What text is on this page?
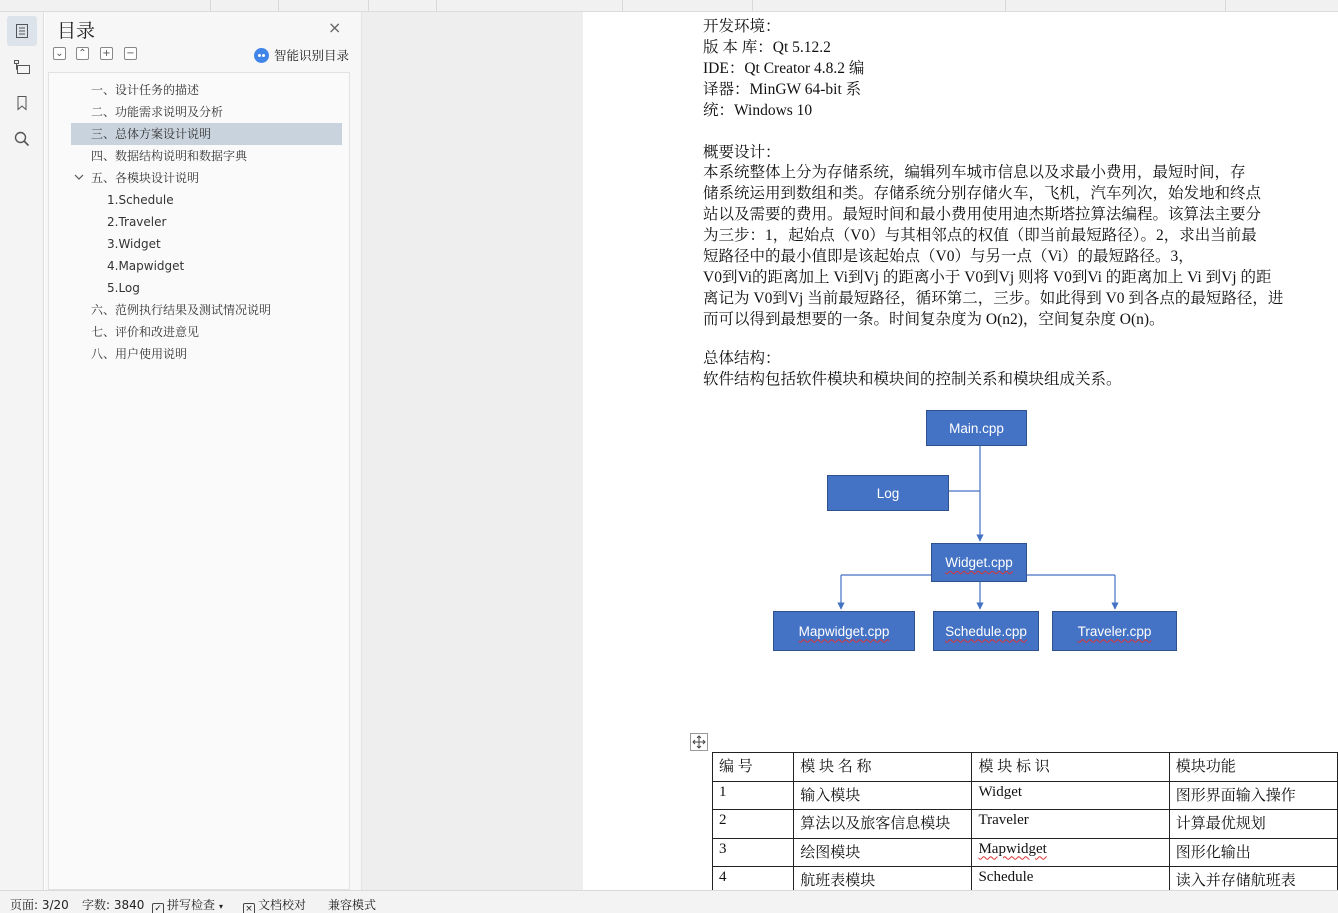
目录	×
⌄ ⌃ + −	智能识别目录
一、设计任务的描述
二、功能需求说明及分析
三、总体方案设计说明
四、数据结构说明和数据字典
五、各模块设计说明
1.Schedule
2.Traveler
3.Widget
4.Mapwidget
5.Log
六、范例执行结果及测试情况说明
七、评价和改进意见
八、用户使用说明
开发环境：
版 本 库：Qt 5.12.2
IDE：Qt Creator 4.8.2 编
译器：MinGW 64-bit 系
统：Windows 10
概要设计：
本系统整体上分为存储系统，编辑列车城市信息以及求最小费用，最短时间，存
储系统运用到数组和类。存储系统分别存储火车，飞机，汽车列次，始发地和终点
站以及需要的费用。最短时间和最小费用使用迪杰斯塔拉算法编程。该算法主要分
为三步：1，起始点（V0）与其相邻点的权值（即当前最短路径）。2，求出当前最
短路径中的最小值即是该起始点（V0）与另一点（Vi）的最短路径。3，
V0到Vi的距离加上 Vi到Vj 的距离小于 V0到Vj 则将 V0到Vi 的距离加上 Vi 到Vj 的距
离记为 V0到Vj 当前最短路径，循环第二，三步。如此得到 V0 到各点的最短路径，进
而可以得到最想要的一条。时间复杂度为 O(n2)，空间复杂度 O(n)。
总体结构：
软件结构包括软件模块和模块间的控制关系和模块组成关系。
Main.cpp
Log
Widget.cpp
Mapwidget.cpp	Schedule.cpp	Traveler.cpp
编 号	模 块 名 称	模 块 标 识	模块功能
1	输入模块	Widget	图形界面输入操作
2	算法以及旅客信息模块	Traveler	计算最优规划
3	绘图模块	Mapwidget	图形化输出
4	航班表模块	Schedule	读入并存储航班表
页面: 3/20 字数: 3840 ✓ 拼写检查 ▾ × 文档校对 兼容模式
